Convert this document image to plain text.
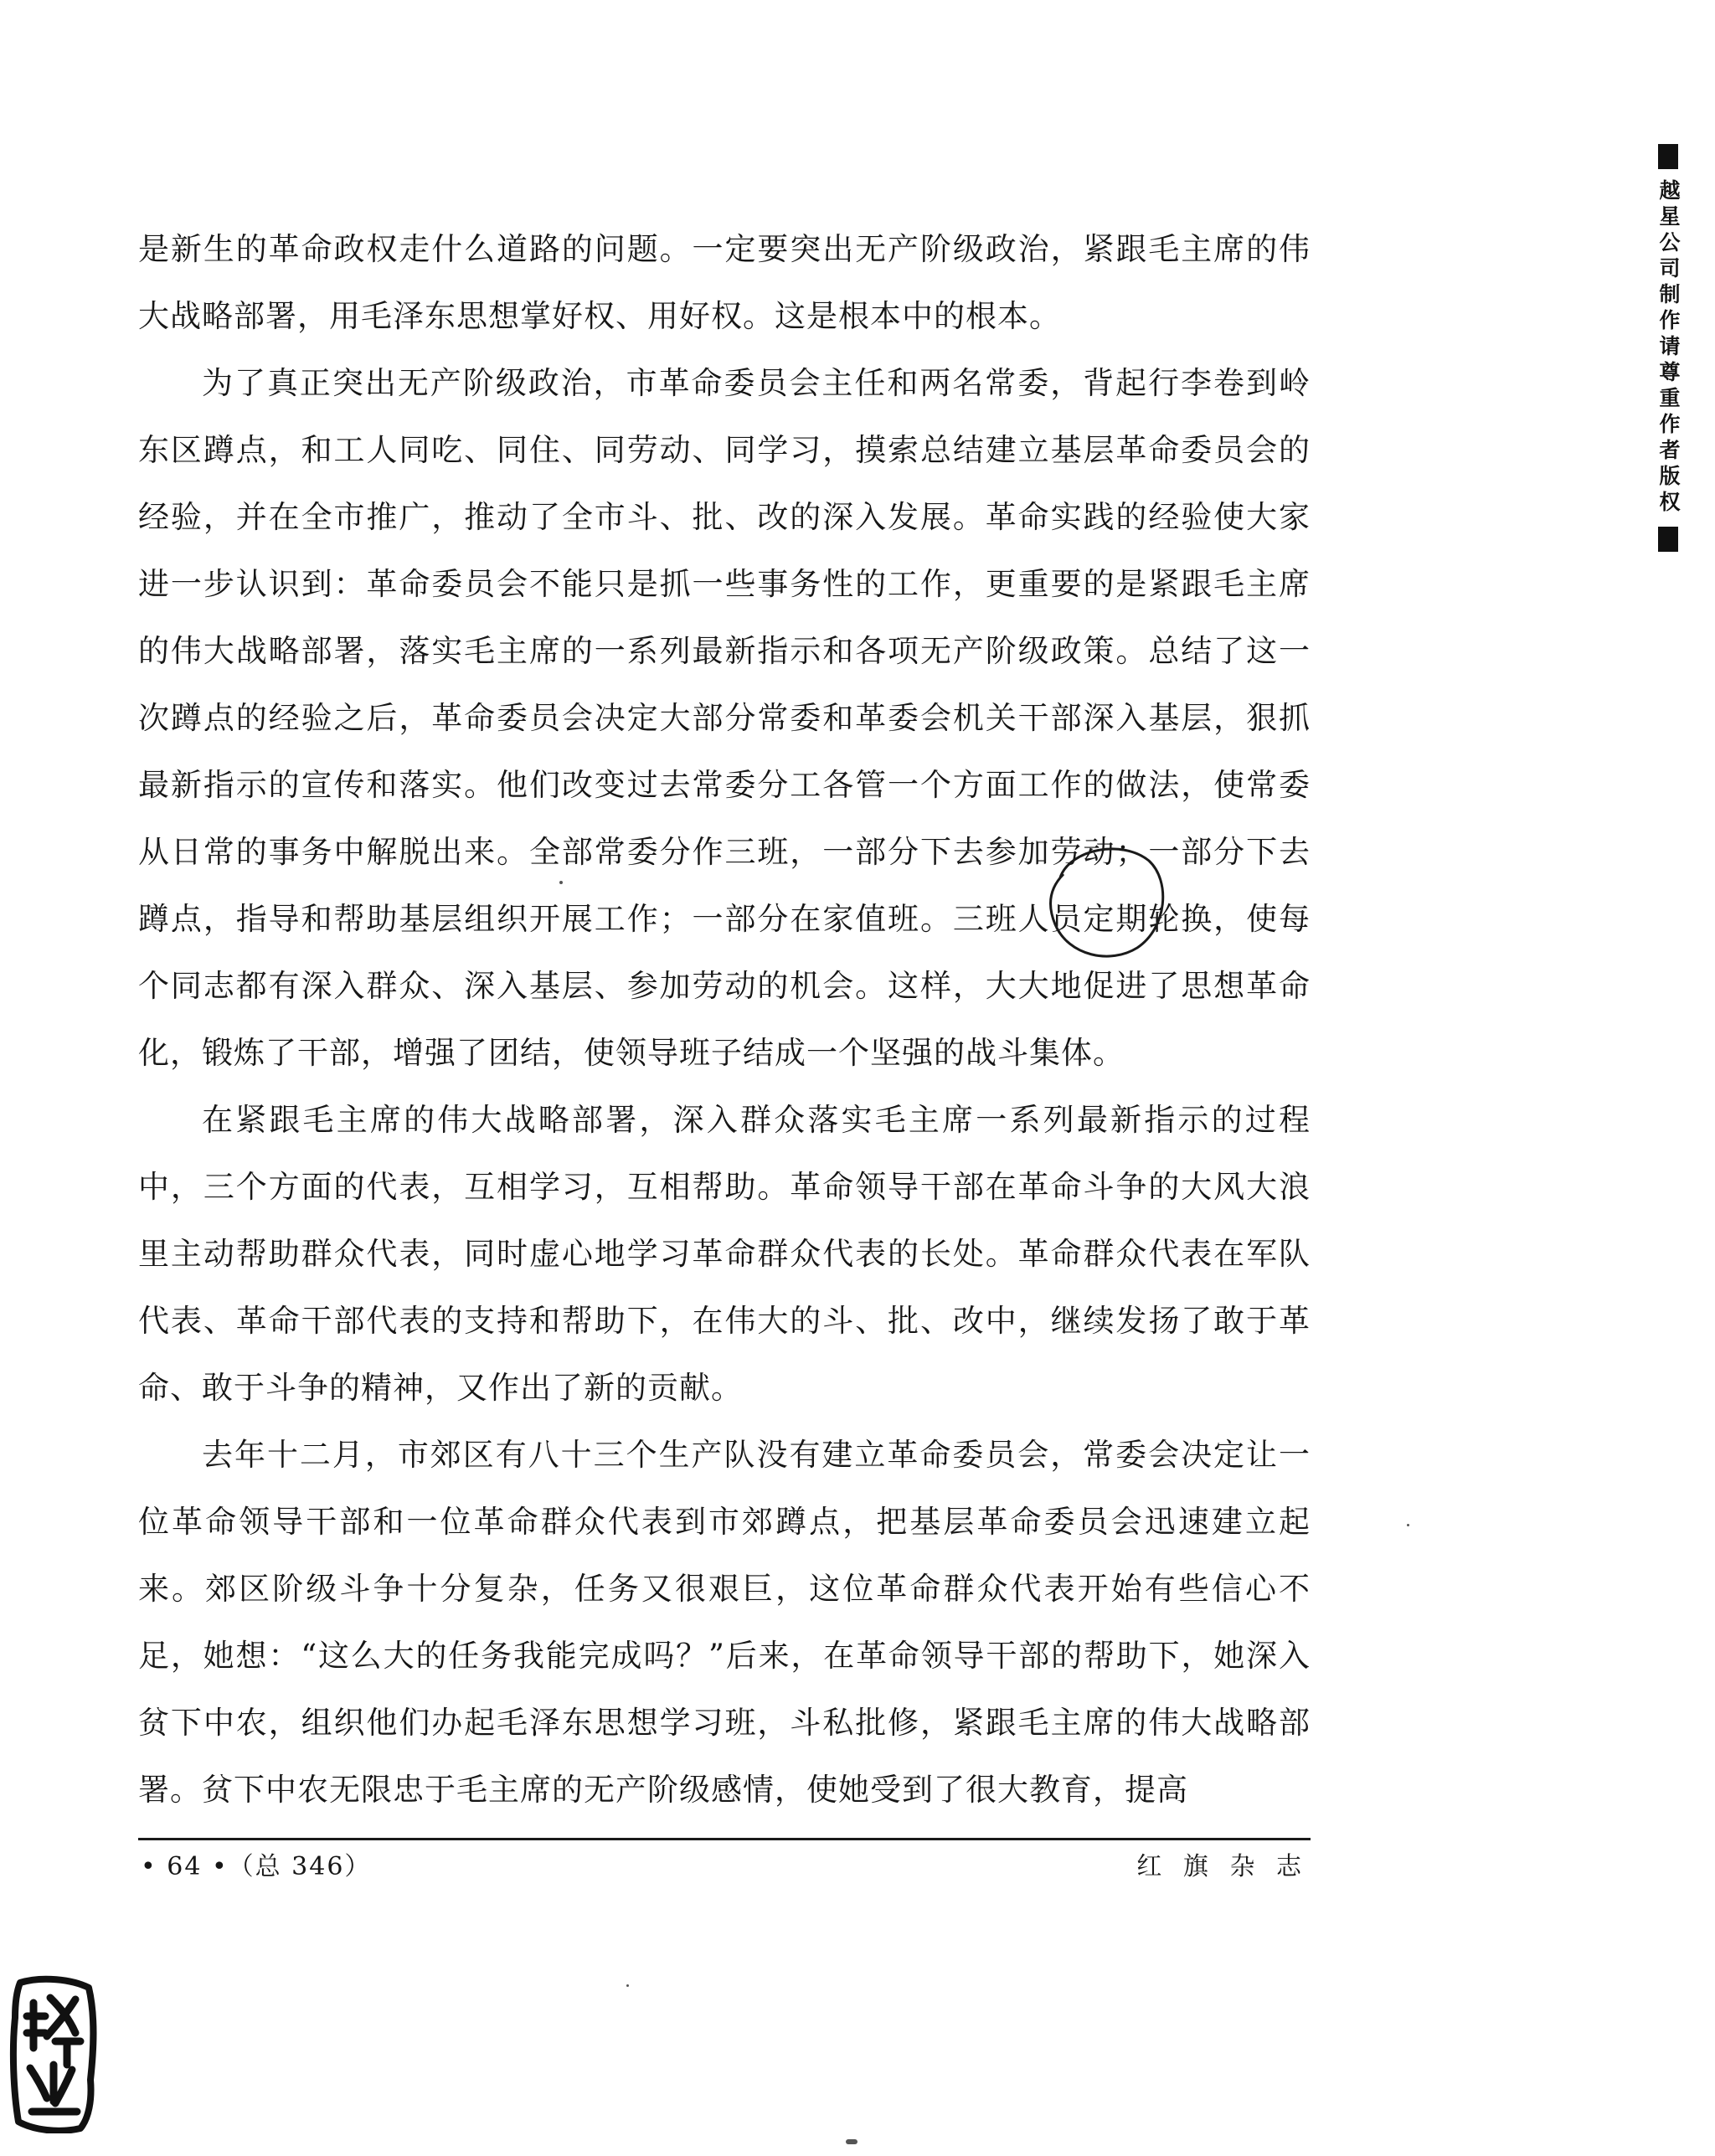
是新生的革命政权走什么道路的问题。一定要突出无产阶级政治，紧跟毛主席的伟大战略部署，用毛泽东思想掌好权、用好权。这是根本中的根本。

为了真正突出无产阶级政治，市革命委员会主任和两名常委，背起行李卷到岭东区蹲点，和工人同吃、同住、同劳动、同学习，摸索总结建立基层革命委员会的经验，并在全市推广，推动了全市斗、批、改的深入发展。革命实践的经验使大家进一步认识到：革命委员会不能只是抓一些事务性的工作，更重要的是紧跟毛主席的伟大战略部署，落实毛主席的一系列最新指示和各项无产阶级政策。总结了这一次蹲点的经验之后，革命委员会决定大部分常委和革委会机关干部深入基层，狠抓最新指示的宣传和落实。他们改变过去常委分工各管一个方面工作的做法，使常委从日常的事务中解脱出来。全部常委分作三班，一部分下去参加劳动；一部分下去蹲点，指导和帮助基层组织开展工作；一部分在家值班。三班人员定期轮换，使每个同志都有深入群众、深入基层、参加劳动的机会。这样，大大地促进了思想革命化，锻炼了干部，增强了团结，使领导班子结成一个坚强的战斗集体。

在紧跟毛主席的伟大战略部署，深入群众落实毛主席一系列最新指示的过程中，三个方面的代表，互相学习，互相帮助。革命领导干部在革命斗争的大风大浪里主动帮助群众代表，同时虚心地学习革命群众代表的长处。革命群众代表在军队代表、革命干部代表的支持和帮助下，在伟大的斗、批、改中，继续发扬了敢于革命、敢于斗争的精神，又作出了新的贡献。

去年十二月，市郊区有八十三个生产队没有建立革命委员会，常委会决定让一位革命领导干部和一位革命群众代表到市郊蹲点，把基层革命委员会迅速建立起来。郊区阶级斗争十分复杂，任务又很艰巨，这位革命群众代表开始有些信心不足，她想：“这么大的任务我能完成吗？”后来，在革命领导干部的帮助下，她深入贫下中农，组织他们办起毛泽东思想学习班，斗私批修，紧跟毛主席的伟大战略部署。贫下中农无限忠于毛主席的无产阶级感情，使她受到了很大教育，提高

• 64 •（总 346）	红 旗 杂 志
越星公司制作请尊重作者版权
